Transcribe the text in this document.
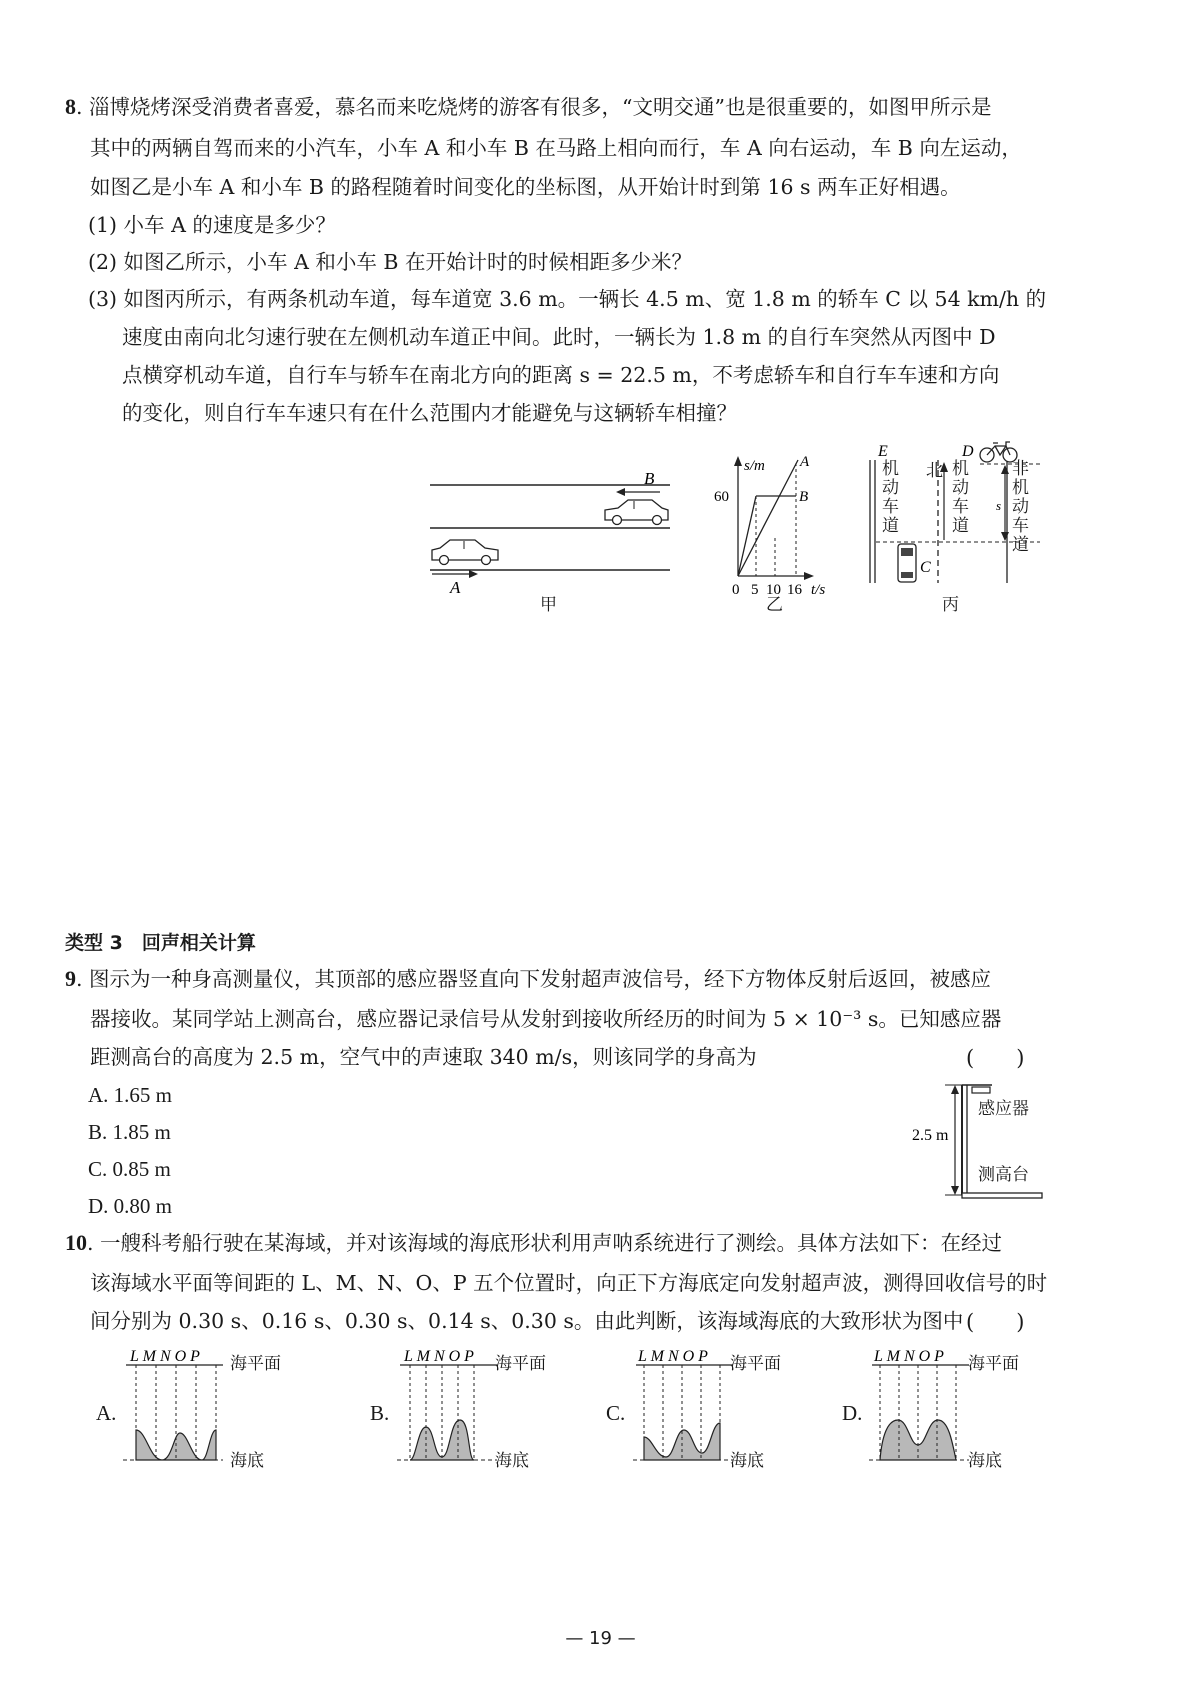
8. 淄博烧烤深受消费者喜爱，慕名而来吃烧烤的游客有很多，“文明交通”也是很重要的，如图甲所示是
其中的两辆自驾而来的小汽车，小车 A 和小车 B 在马路上相向而行，车 A 向右运动，车 B 向左运动，
如图乙是小车 A 和小车 B 的路程随着时间变化的坐标图，从开始计时到第 16 s 两车正好相遇。
(1) 小车 A 的速度是多少？
(2) 如图乙所示，小车 A 和小车 B 在开始计时的时候相距多少米？
(3) 如图丙所示，有两条机动车道，每车道宽 3.6 m。一辆长 4.5 m、宽 1.8 m 的轿车 C 以 54 km/h 的
速度由南向北匀速行驶在左侧机动车道正中间。此时，一辆长为 1.8 m 的自行车突然从丙图中 D
点横穿机动车道，自行车与轿车在南北方向的距离 s = 22.5 m，不考虑轿车和自行车车速和方向
的变化，则自行车车速只有在什么范围内才能避免与这辆轿车相撞？
B
A
甲
s/m
60
A
B
0 5 10 16 t/s
乙
E	D
s
C
机动车道
机动车道
北	非机动车道
丙
类型 3　回声相关计算
9. 图示为一种身高测量仪，其顶部的感应器竖直向下发射超声波信号，经下方物体反射后返回，被感应
器接收。某同学站上测高台，感应器记录信号从发射到接收所经历的时间为 5 × 10⁻³ s。已知感应器
距测高台的高度为 2.5 m，空气中的声速取 340 m/s，则该同学的身高为	(　　)
A. 1.65 m
B. 1.85 m
C. 0.85 m
D. 0.80 m
2.5 m
感应器
测高台
10. 一艘科考船行驶在某海域，并对该海域的海底形状利用声呐系统进行了测绘。具体方法如下：在经过
该海域水平面等间距的 L、M、N、O、P 五个位置时，向正下方海底定向发射超声波，测得回收信号的时
间分别为 0.30 s、0.16 s、0.30 s、0.14 s、0.30 s。由此判断，该海域海底的大致形状为图中 (　　)
A.
L M N O P 海平面
海底
B.
L M N O P 海平面
海底
C.
L M N O P 海平面
海底
D.
L M N O P 海平面
海底
— 19 —
